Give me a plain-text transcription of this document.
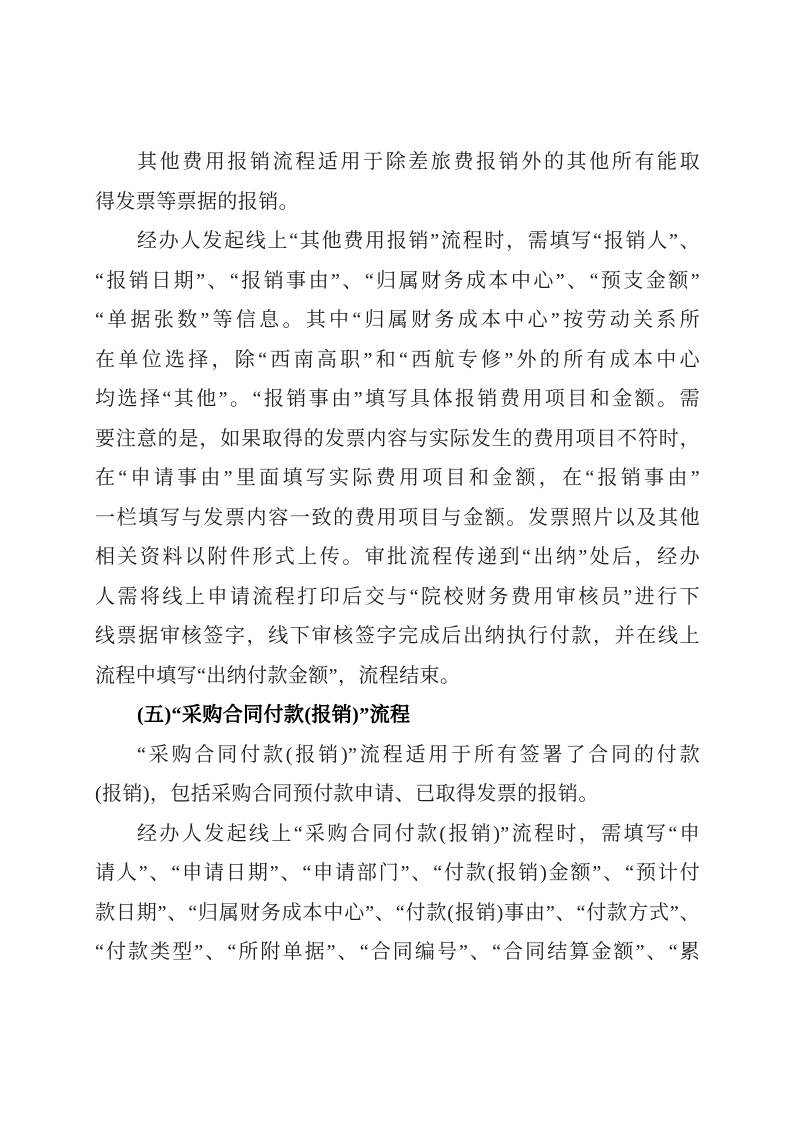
其他费用报销流程适用于除差旅费报销外的其他所有能取
得发票等票据的报销。
经办人发起线上“其他费用报销”流程时，需填写“报销人”、
“报销日期”、“报销事由”、“归属财务成本中心”、“预支金额”
“单据张数”等信息。其中“归属财务成本中心”按劳动关系所
在单位选择，除“西南高职”和“西航专修”外的所有成本中心
均选择“其他”。“报销事由”填写具体报销费用项目和金额。需
要注意的是，如果取得的发票内容与实际发生的费用项目不符时，
在“申请事由”里面填写实际费用项目和金额，在“报销事由”
一栏填写与发票内容一致的费用项目与金额。发票照片以及其他
相关资料以附件形式上传。审批流程传递到“出纳”处后，经办
人需将线上申请流程打印后交与“院校财务费用审核员”进行下
线票据审核签字，线下审核签字完成后出纳执行付款，并在线上
流程中填写“出纳付款金额”，流程结束。
(五)“采购合同付款(报销)”流程
“采购合同付款(报销)”流程适用于所有签署了合同的付款
(报销)，包括采购合同预付款申请、已取得发票的报销。
经办人发起线上“采购合同付款(报销)”流程时，需填写“申
请人”、“申请日期”、“申请部门”、“付款(报销)金额”、“预计付
款日期”、“归属财务成本中心”、“付款(报销)事由”、“付款方式”、
“付款类型”、“所附单据”、“合同编号”、“合同结算金额”、“累
